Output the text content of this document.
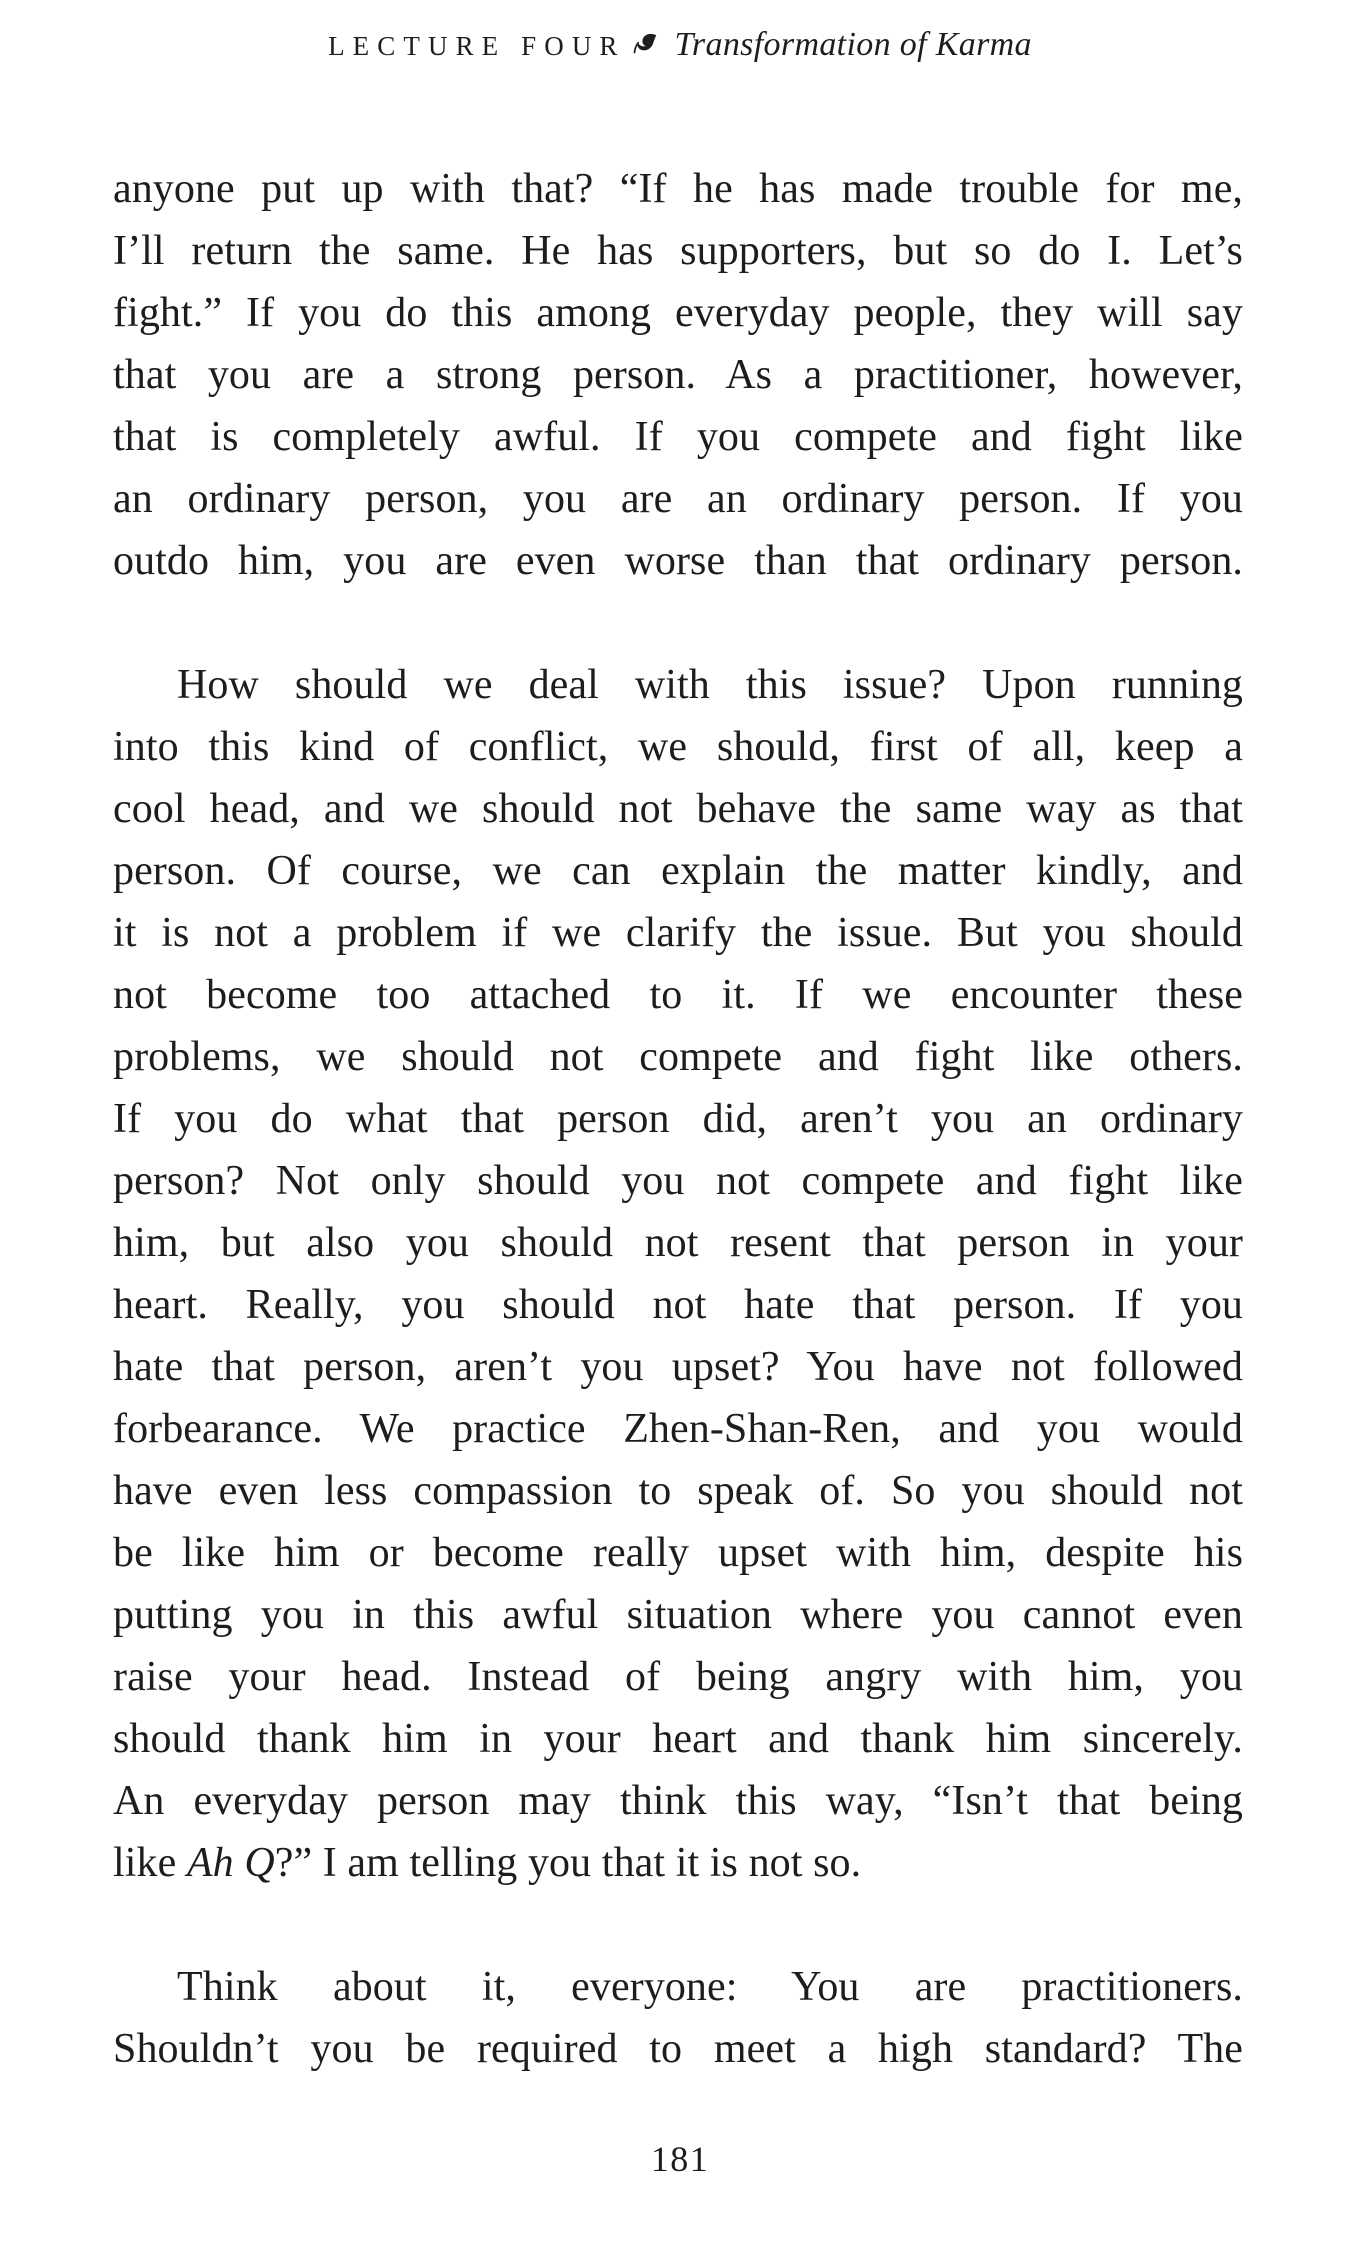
LECTURE FOUR Transformation of Karma
anyone put up with that? “If he has made trouble for me,
I’ll return the same. He has supporters, but so do I. Let’s
fight.” If you do this among everyday people, they will say
that you are a strong person. As a practitioner, however,
that is completely awful. If you compete and fight like
an ordinary person, you are an ordinary person. If you
outdo him, you are even worse than that ordinary person.
How should we deal with this issue? Upon running
into this kind of conflict, we should, first of all, keep a
cool head, and we should not behave the same way as that
person. Of course, we can explain the matter kindly, and
it is not a problem if we clarify the issue. But you should
not become too attached to it. If we encounter these
problems, we should not compete and fight like others.
If you do what that person did, aren’t you an ordinary
person? Not only should you not compete and fight like
him, but also you should not resent that person in your
heart. Really, you should not hate that person. If you
hate that person, aren’t you upset? You have not followed
forbearance. We practice Zhen-Shan-Ren, and you would
have even less compassion to speak of. So you should not
be like him or become really upset with him, despite his
putting you in this awful situation where you cannot even
raise your head. Instead of being angry with him, you
should thank him in your heart and thank him sincerely.
An everyday person may think this way, “Isn’t that being
like Ah Q?” I am telling you that it is not so.
Think about it, everyone: You are practitioners.
Shouldn’t you be required to meet a high standard? The
181
